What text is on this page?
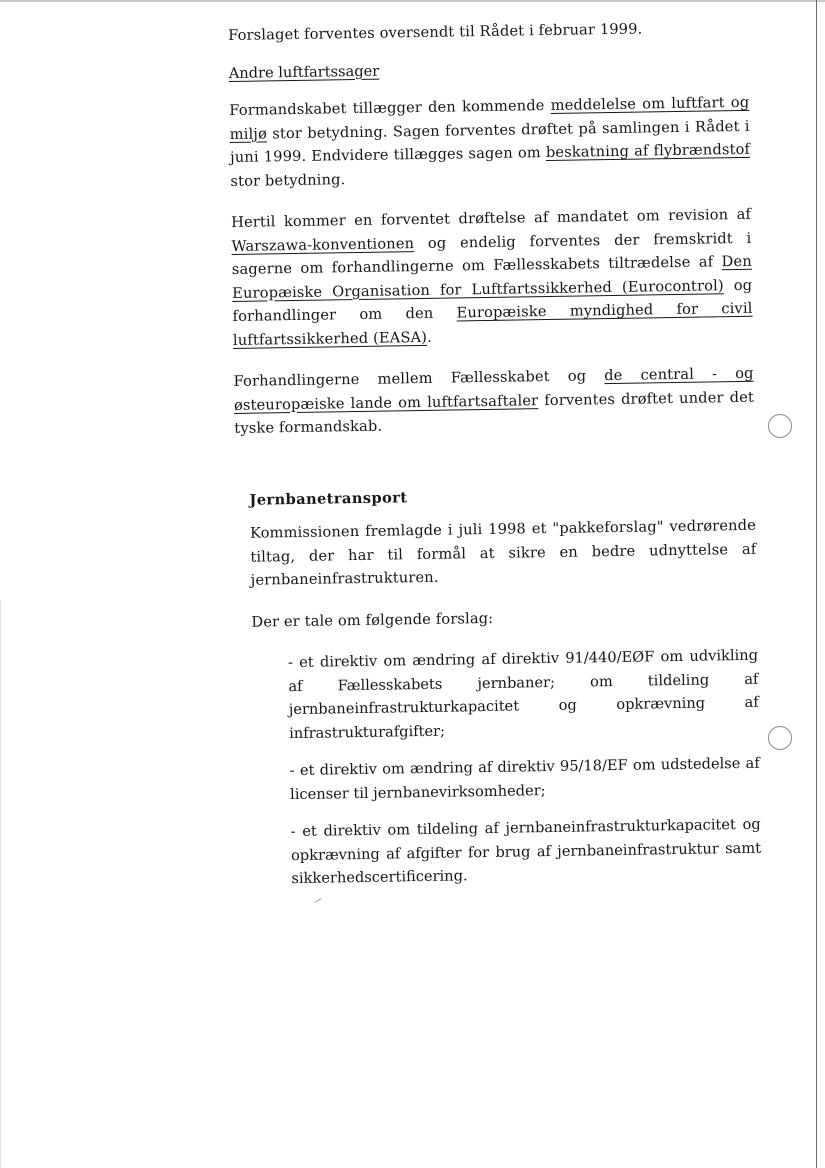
Forslaget forventes oversendt til Rådet i februar 1999.

Andre luftfartssager

Formandskabet tillægger den kommende meddelelse om luftfart og miljø stor betydning. Sagen forventes drøftet på samlingen i Rådet i juni 1999. Endvidere tillægges sagen om beskatning af flybrændstof stor betydning.

Hertil kommer en forventet drøftelse af mandatet om revision af Warszawa-konventionen og endelig forventes der fremskridt i sagerne om forhandlingerne om Fællesskabets tiltrædelse af Den Europæiske Organisation for Luftfartssikkerhed (Eurocontrol) og forhandlinger om den Europæiske myndighed for civil luftfartssikkerhed (EASA).

Forhandlingerne mellem Fællesskabet og de central - og østeuropæiske lande om luftfartsaftaler forventes drøftet under det tyske formandskab.

Jernbanetransport

Kommissionen fremlagde i juli 1998 et "pakkeforslag" vedrørende tiltag, der har til formål at sikre en bedre udnyttelse af jernbaneinfrastrukturen.

Der er tale om følgende forslag:

- et direktiv om ændring af direktiv 91/440/EØF om udvikling af Fællesskabets jernbaner; om tildeling af jernbaneinfrastrukturkapacitet og opkrævning af infrastrukturafgifter;

- et direktiv om ændring af direktiv 95/18/EF om udstedelse af licenser til jernbanevirksomheder;

- et direktiv om tildeling af jernbaneinfrastrukturkapacitet og opkrævning af afgifter for brug af jernbaneinfrastruktur samt sikkerhedscertificering.
